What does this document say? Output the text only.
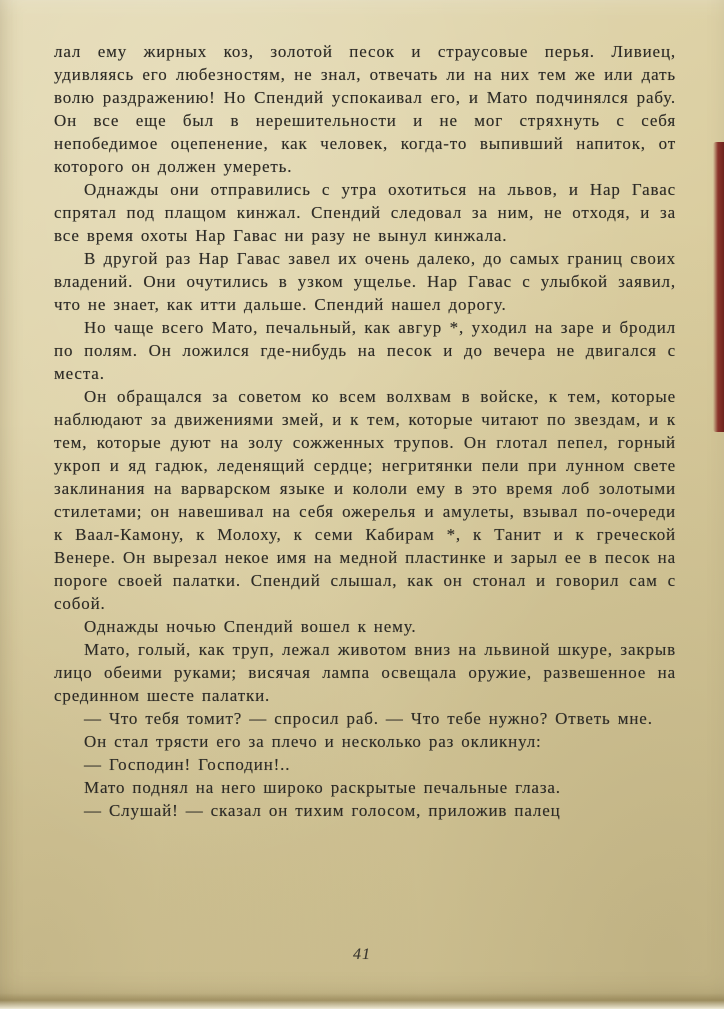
лал ему жирных коз, золотой песок и страусовые перья. Ливиец, удивляясь его любезностям, не знал, отвечать ли на них тем же или дать волю раздражению! Но Спендий успокаивал его, и Мато подчинялся рабу. Он все еще был в нерешительности и не мог стряхнуть с себя непобедимое оцепенение, как человек, когда-то выпивший напиток, от которого он должен умереть.

Однажды они отправились с утра охотиться на львов, и Нар Гавас спрятал под плащом кинжал. Спендий следовал за ним, не отходя, и за все время охоты Нар Гавас ни разу не вынул кинжала.

В другой раз Нар Гавас завел их очень далеко, до самых границ своих владений. Они очутились в узком ущелье. Нар Гавас с улыбкой заявил, что не знает, как итти дальше. Спендий нашел дорогу.

Но чаще всего Мато, печальный, как авгур *, уходил на заре и бродил по полям. Он ложился где-нибудь на песок и до вечера не двигался с места.

Он обращался за советом ко всем волхвам в войске, к тем, которые наблюдают за движениями змей, и к тем, которые читают по звездам, и к тем, которые дуют на золу сожженных трупов. Он глотал пепел, горный укроп и яд гадюк, леденящий сердце; негритянки пели при лунном свете заклинания на варварском языке и кололи ему в это время лоб золотыми стилетами; он навешивал на себя ожерелья и амулеты, взывал по-очереди к Ваал-Камону, к Молоху, к семи Кабирам *, к Танит и к греческой Венере. Он вырезал некое имя на медной пластинке и зарыл ее в песок на пороге своей палатки. Спендий слышал, как он стонал и говорил сам с собой.

Однажды ночью Спендий вошел к нему.

Мато, голый, как труп, лежал животом вниз на львиной шкуре, закрыв лицо обеими руками; висячая лампа освещала оружие, развешенное на срединном шесте палатки.

— Что тебя томит? — спросил раб. — Что тебе нужно? Ответь мне.

Он стал трясти его за плечо и несколько раз окликнул:

— Господин! Господин!..

Мато поднял на него широко раскрытые печальные глаза.

— Слушай! — сказал он тихим голосом, приложив палец

41
